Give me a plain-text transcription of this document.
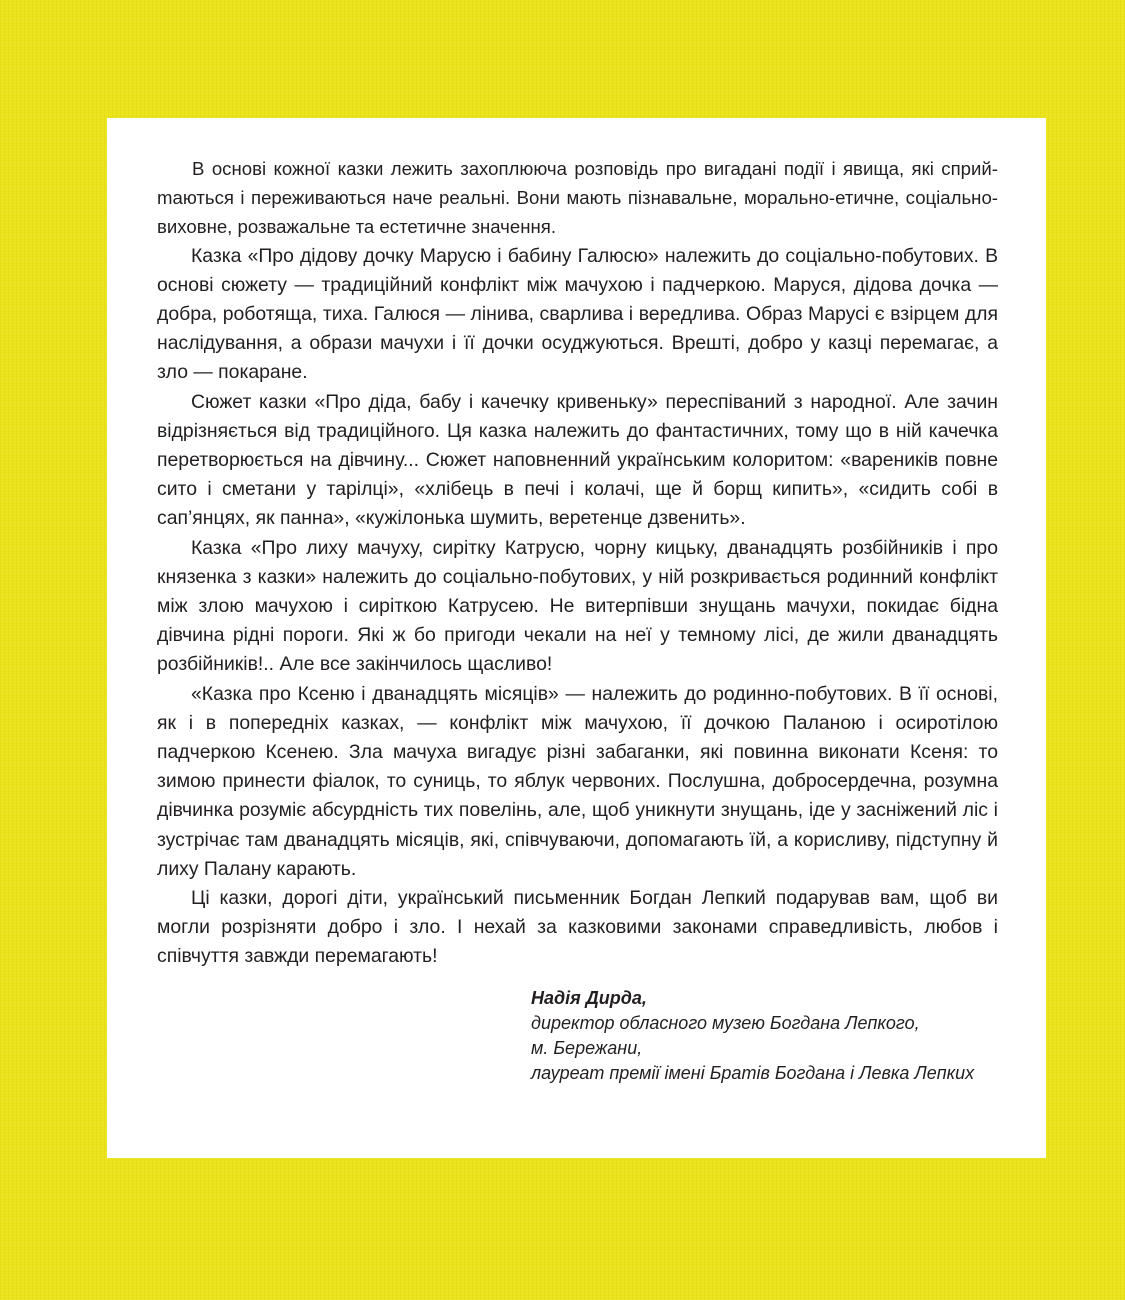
В основі кожної казки лежить захоплююча розповідь про вигадані події і явища, які сприйmаються і переживаються наче реальні. Вони мають пізнавальне, морально-етичне, соціально-виховне, розважальне та естетичне значення.

Казка «Про дідову дочку Марусю і бабину Галюсю» належить до соціально-побутових. В основі сюжету — традиційний конфлікт між мачухою і падчеркою. Маруся, дідова дочка — добра, роботяща, тиха. Галюся — лінива, сварлива і вередлива. Образ Марусі є взірцем для наслідування, а образи мачухи і її дочки осуджуються. Врешті, добро у казці перемагає, а зло — покаране.

Сюжет казки «Про діда, бабу і качечку кривеньку» переспіваний з народної. Але зачин відрізняється від традиційного. Ця казка належить до фантастичних, тому що в ній качечка перетворюється на дівчину... Сюжет наповненний українським колоритом: «вареників повне сито і сметани у тарілці», «хлібець в печі і колачі, ще й борщ кипить», «сидить собі в сап’янцях, як панна», «кужілонька шумить, веретенце дзвенить».

Казка «Про лиху мачуху, сирітку Катрусю, чорну кицьку, дванадцять розбійників і про князенка з казки» належить до соціально-побутових, у ній розкривається родинний конфлікт між злою мачухою і сиріткою Катрусею. Не витерпівши знущань мачухи, покидає бідна дівчина рідні пороги. Які ж бо пригоди чекали на неї у темному лісі, де жили дванадцять розбійників!.. Але все закінчилось щасливо!

«Казка про Ксеню і дванадцять місяців» — належить до родинно-побутових. В її основі, як і в попередніх казках, — конфлікт між мачухою, її дочкою Паланою і осиротілою падчеркою Ксенею. Зла мачуха вигадує різні забаганки, які повинна виконати Ксеня: то зимою принести фіалок, то суниць, то яблук червоних. Послушна, добросердечна, розумна дівчинка розуміє абсурдність тих повелінь, але, щоб уникнути знущань, іде у засніжений ліс і зустрічає там дванадцять місяців, які, співчуваючи, допомагають їй, а корисливу, підступну й лиху Палану карають.

Ці казки, дорогі діти, український письменник Богдан Лепкий подарував вам, щоб ви могли розрізняти добро і зло. І нехай за казковими законами справедливість, любов і співчуття завжди перемагають!

Надія Дирда,
директор обласного музею Богдана Лепкого,
м. Бережани,
лауреат премії імені Братів Богдана і Левка Лепких
